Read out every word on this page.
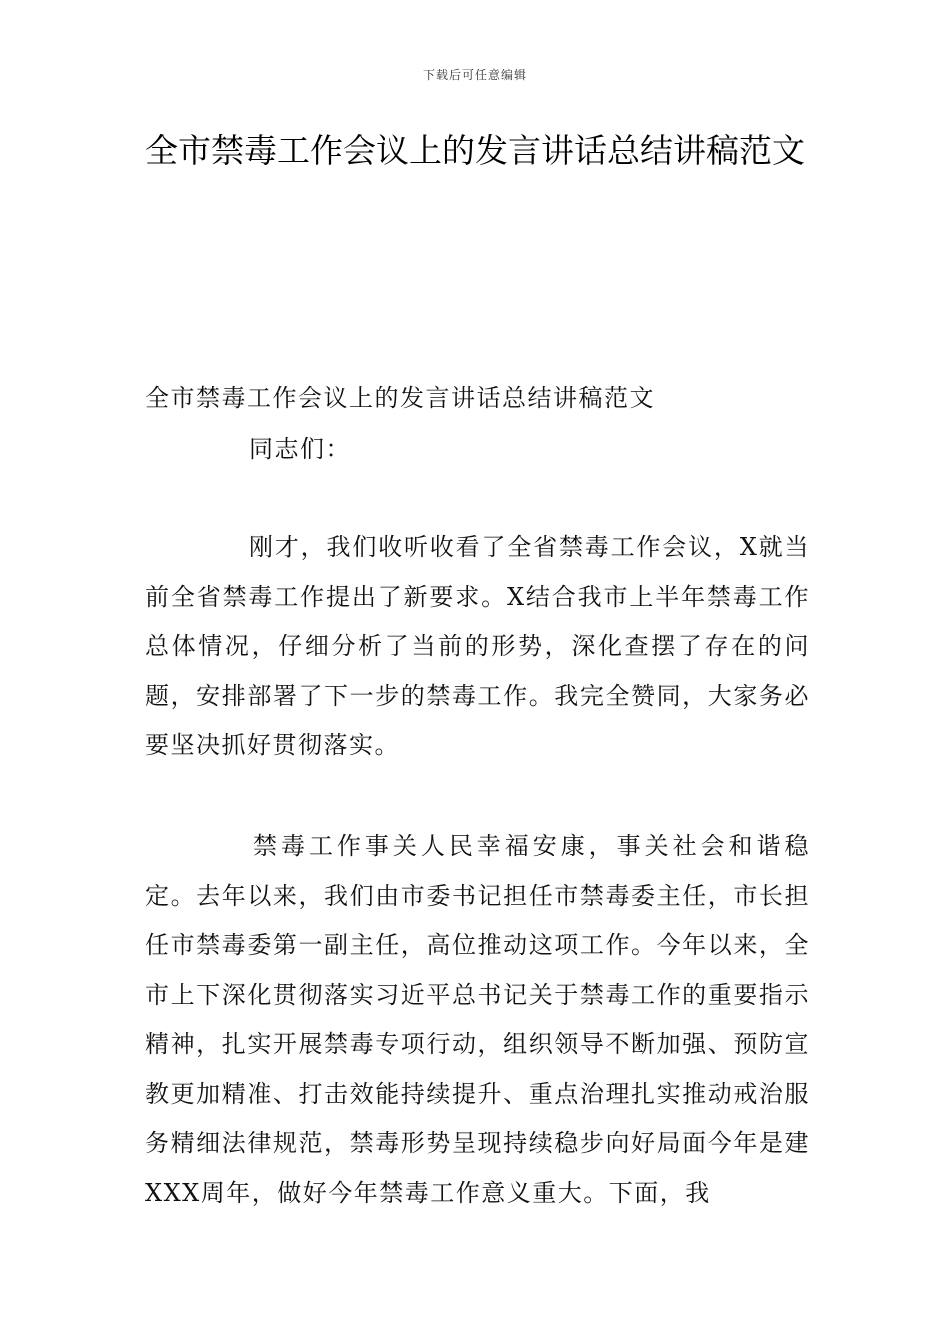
下载后可任意编辑
全市禁毒工作会议上的发言讲话总结讲稿范文

全市禁毒工作会议上的发言讲话总结讲稿范文

同志们：

刚才，我们收听收看了全省禁毒工作会议，X就当前全省禁毒工作提出了新要求。X结合我市上半年禁毒工作总体情况，仔细分析了当前的形势，深化查摆了存在的问题，安排部署了下一步的禁毒工作。我完全赞同，大家务必要坚决抓好贯彻落实。

禁毒工作事关人民幸福安康，事关社会和谐稳定。去年以来，我们由市委书记担任市禁毒委主任，市长担任市禁毒委第一副主任，高位推动这项工作。今年以来，全市上下深化贯彻落实习近平总书记关于禁毒工作的重要指示精神，扎实开展禁毒专项行动，组织领导不断加强、预防宣教更加精准、打击效能持续提升、重点治理扎实推动戒治服务精细法律规范，禁毒形势呈现持续稳步向好局面今年是建XXX周年，做好今年禁毒工作意义重大。下面，我
